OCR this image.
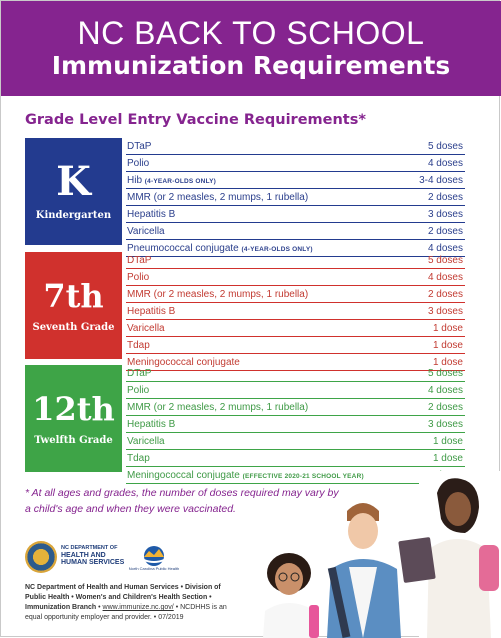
NC BACK TO SCHOOL
Immunization Requirements
Grade Level Entry Vaccine Requirements*
K
Kindergarten
DTaP	5 doses
Polio	4 doses
Hib (4-YEAR-OLDS ONLY)	3-4 doses
MMR (or 2 measles, 2 mumps, 1 rubella)	2 doses
Hepatitis B	3 doses
Varicella	2 doses
Pneumococcal conjugate (4-YEAR-OLDS ONLY)	4 doses
7th
Seventh Grade
DTaP	5 doses
Polio	4 doses
MMR (or 2 measles, 2 mumps, 1 rubella)	2 doses
Hepatitis B	3 doses
Varicella	1 dose
Tdap	1 dose
Meningococcal conjugate	1 dose
12th
Twelfth Grade
DTaP	5 doses
Polio	4 doses
MMR (or 2 measles, 2 mumps, 1 rubella)	2 doses
Hepatitis B	3 doses
Varicella	1 dose
Tdap	1 dose
Meningococcal conjugate (EFFECTIVE 2020-21 SCHOOL YEAR)
* At all ages and grades, the number of doses required may vary by a child's age and when they were vaccinated.
NC DEPARTMENT OF
HEALTH AND
HUMAN SERVICES
North Carolina Public Health
NC Department of Health and Human Services • Division of Public Health • Women's and Children's Health Section • Immunization Branch • www.immunize.nc.gov/ • NCDHHS is an equal opportunity employer and provider. • 07/2019
